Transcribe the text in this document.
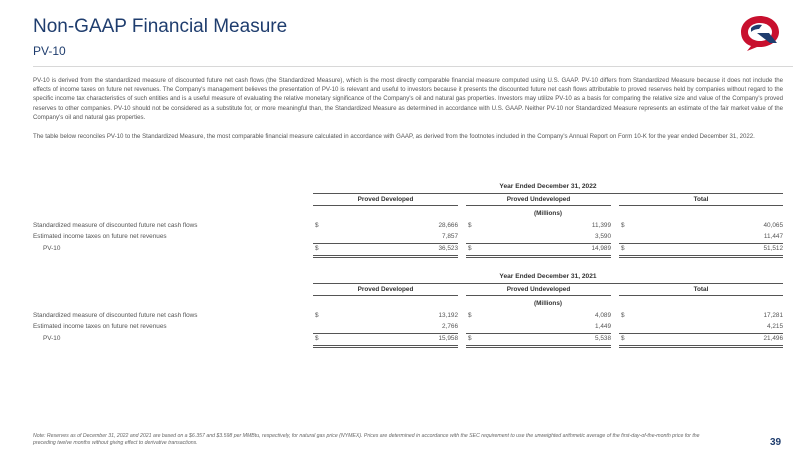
Non-GAAP Financial Measure
PV-10
PV-10 is derived from the standardized measure of discounted future net cash flows (the Standardized Measure), which is the most directly comparable financial measure computed using U.S. GAAP. PV-10 differs from Standardized Measure because it does not include the effects of income taxes on future net revenues. The Company's management believes the presentation of PV-10 is relevant and useful to investors because it presents the discounted future net cash flows attributable to proved reserves held by companies without regard to the specific income tax characteristics of such entities and is a useful measure of evaluating the relative monetary significance of the Company's oil and natural gas properties. Investors may utilize PV-10 as a basis for comparing the relative size and value of the Company's proved reserves to other companies. PV-10 should not be considered as a substitute for, or more meaningful than, the Standardized Measure as determined in accordance with U.S. GAAP. Neither PV-10 nor Standardized Measure represents an estimate of the fair market value of the Company's oil and natural gas properties.
The table below reconciles PV-10 to the Standardized Measure, the most comparable financial measure calculated in accordance with GAAP, as derived from the footnotes included in the Company's Annual Report on Form 10-K for the year ended December 31, 2022.
Year Ended December 31, 2022
Proved Developed	Proved Undeveloped	Total
(Millions)
Standardized measure of discounted future net cash flows	$	28,666 $	11,399 $	40,065
Estimated income taxes on future net revenues	7,857	3,590	11,447
PV-10	$	36,523 $	14,989 $	51,512
Year Ended December 31, 2021
Proved Developed	Proved Undeveloped	Total
(Millions)
Standardized measure of discounted future net cash flows	$	13,192 $	4,089 $	17,281
Estimated income taxes on future net revenues	2,766	1,449	4,215
PV-10	$	15,958 $	5,538 $	21,496
Note: Reserves as of December 31, 2022 and 2021 are based on a $6.357 and $3.598 per MMBtu, respectively, for natural gas price (NYMEX). Prices are determined in accordance with the SEC requirement to use the unweighted arithmetic average of the first-day-of-the-month price for the preceding twelve months without giving effect to derivative transactions.	39
